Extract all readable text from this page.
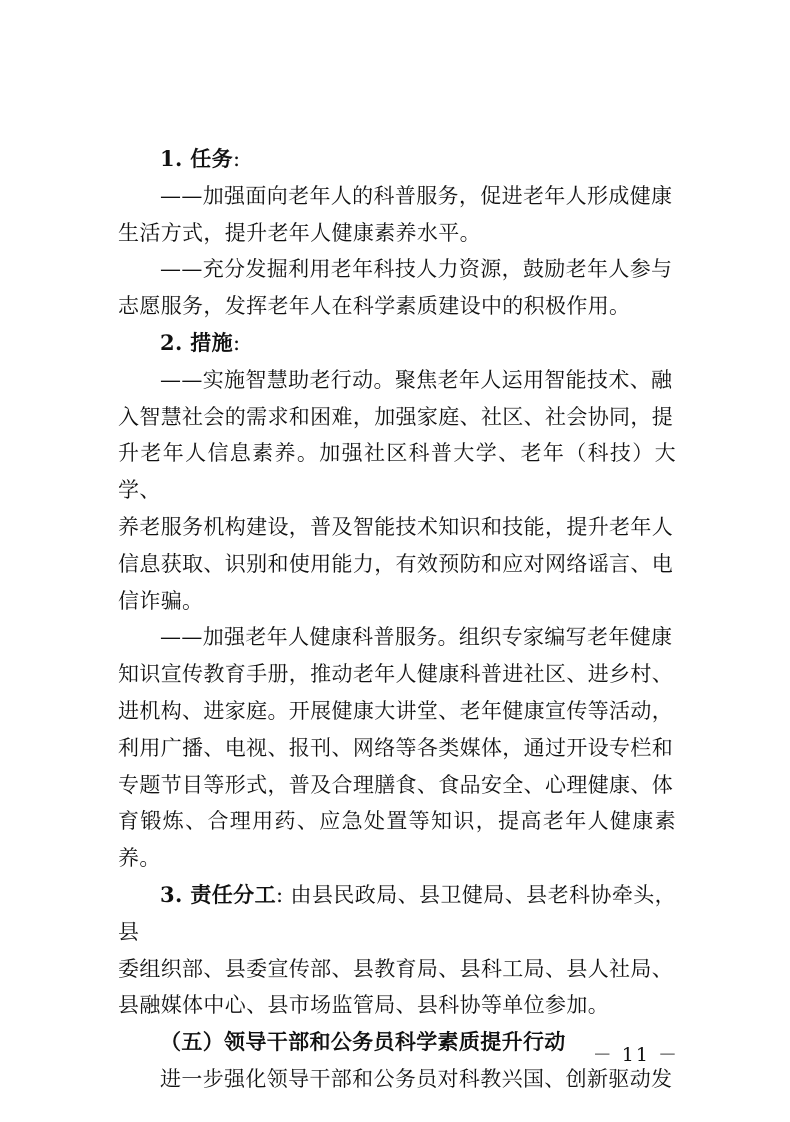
1. 任务:

——加强面向老年人的科普服务，促进老年人形成健康
生活方式，提升老年人健康素养水平。

——充分发掘利用老年科技人力资源，鼓励老年人参与
志愿服务，发挥老年人在科学素质建设中的积极作用。

2. 措施:

——实施智慧助老行动。聚焦老年人运用智能技术、融
入智慧社会的需求和困难，加强家庭、社区、社会协同，提
升老年人信息素养。加强社区科普大学、老年（科技）大学、
养老服务机构建设，普及智能技术知识和技能，提升老年人
信息获取、识别和使用能力，有效预防和应对网络谣言、电
信诈骗。

——加强老年人健康科普服务。组织专家编写老年健康
知识宣传教育手册，推动老年人健康科普进社区、进乡村、
进机构、进家庭。开展健康大讲堂、老年健康宣传等活动，
利用广播、电视、报刊、网络等各类媒体，通过开设专栏和
专题节目等形式，普及合理膳食、食品安全、心理健康、体
育锻炼、合理用药、应急处置等知识，提高老年人健康素养。

3. 责任分工: 由县民政局、县卫健局、县老科协牵头，县
委组织部、县委宣传部、县教育局、县科工局、县人社局、
县融媒体中心、县市场监管局、县科协等单位参加。

（五）领导干部和公务员科学素质提升行动

进一步强化领导干部和公务员对科教兴国、创新驱动发

－ 11 －
